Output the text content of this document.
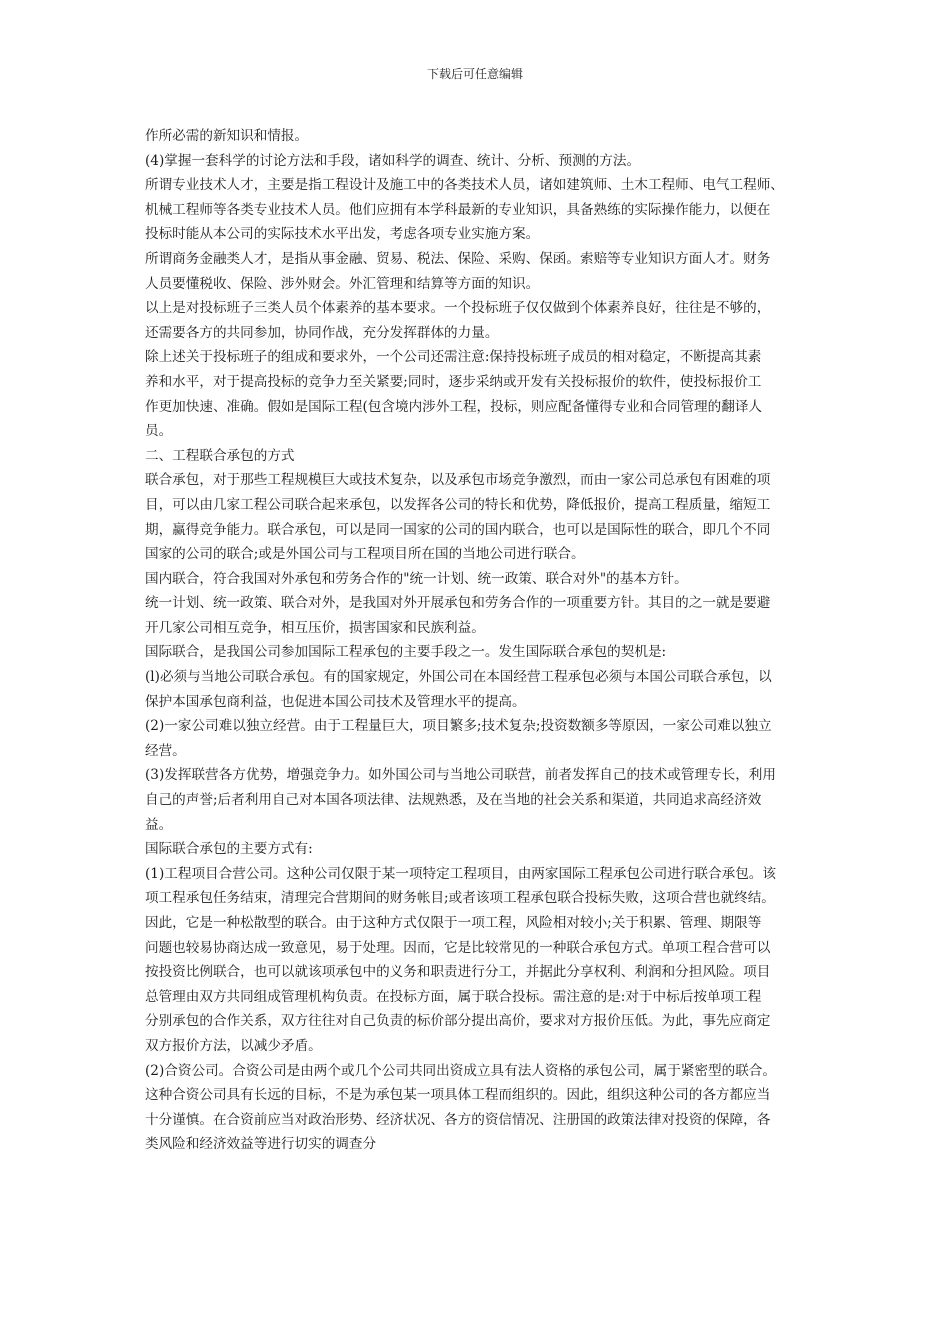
下载后可任意编辑
作所必需的新知识和情报。
(4)掌握一套科学的讨论方法和手段，诸如科学的调查、统计、分析、预测的方法。
所谓专业技术人才，主要是指工程设计及施工中的各类技术人员，诸如建筑师、土木工程师、电气工程师、
机械工程师等各类专业技术人员。他们应拥有本学科最新的专业知识，具备熟练的实际操作能力，以便在
投标时能从本公司的实际技术水平出发，考虑各项专业实施方案。
所谓商务金融类人才，是指从事金融、贸易、税法、保险、采购、保函。索赔等专业知识方面人才。财务
人员要懂税收、保险、涉外财会。外汇管理和结算等方面的知识。
以上是对投标班子三类人员个体素养的基本要求。一个投标班子仅仅做到个体素养良好，往往是不够的，
还需要各方的共同参加，协同作战，充分发挥群体的力量。
除上述关于投标班子的组成和要求外，一个公司还需注意:保持投标班子成员的相对稳定，不断提高其素
养和水平，对于提高投标的竞争力至关紧要;同时，逐步采纳或开发有关投标报价的软件，使投标报价工
作更加快速、准确。假如是国际工程(包含境内涉外工程，投标，则应配备懂得专业和合同管理的翻译人
员。
二、工程联合承包的方式
联合承包，对于那些工程规模巨大或技术复杂，以及承包市场竞争激烈，而由一家公司总承包有困难的项
目，可以由几家工程公司联合起来承包，以发挥各公司的特长和优势，降低报价，提高工程质量，缩短工
期，赢得竞争能力。联合承包，可以是同一国家的公司的国内联合，也可以是国际性的联合，即几个不同
国家的公司的联合;或是外国公司与工程项目所在国的当地公司进行联合。
国内联合，符合我国对外承包和劳务合作的"统一计划、统一政策、联合对外"的基本方针。
统一计划、统一政策、联合对外，是我国对外开展承包和劳务合作的一项重要方针。其目的之一就是要避
开几家公司相互竞争，相互压价，损害国家和民族利益。
国际联合，是我国公司参加国际工程承包的主要手段之一。发生国际联合承包的契机是:
(l)必须与当地公司联合承包。有的国家规定，外国公司在本国经营工程承包必须与本国公司联合承包，以
保护本国承包商利益，也促进本国公司技术及管理水平的提高。
(2)一家公司难以独立经营。由于工程量巨大，项目繁多;技术复杂;投资数额多等原因，一家公司难以独立
经营。
(3)发挥联营各方优势，增强竞争力。如外国公司与当地公司联营，前者发挥自己的技术或管理专长，利用
自己的声誉;后者利用自己对本国各项法律、法规熟悉，及在当地的社会关系和渠道，共同追求高经济效
益。
国际联合承包的主要方式有:
(1)工程项目合营公司。这种公司仅限于某一项特定工程项目，由两家国际工程承包公司进行联合承包。该
项工程承包任务结束，清理完合营期间的财务帐目;或者该项工程承包联合投标失败，这项合营也就终结。
因此，它是一种松散型的联合。由于这种方式仅限于一项工程，风险相对较小;关于积累、管理、期限等
问题也较易协商达成一致意见，易于处理。因而，它是比较常见的一种联合承包方式。单项工程合营可以
按投资比例联合，也可以就该项承包中的义务和职责进行分工，并据此分享权利、利润和分担风险。项目
总管理由双方共同组成管理机构负责。在投标方面，属于联合投标。需注意的是:对于中标后按单项工程
分别承包的合作关系，双方往往对自己负责的标价部分提出高价，要求对方报价压低。为此，事先应商定
双方报价方法，以减少矛盾。
(2)合资公司。合资公司是由两个或几个公司共同出资成立具有法人资格的承包公司，属于紧密型的联合。
这种合资公司具有长远的目标，不是为承包某一项具体工程而组织的。因此，组织这种公司的各方都应当
十分谨慎。在合资前应当对政治形势、经济状况、各方的资信情况、注册国的政策法律对投资的保障，各
类风险和经济效益等进行切实的调查分
